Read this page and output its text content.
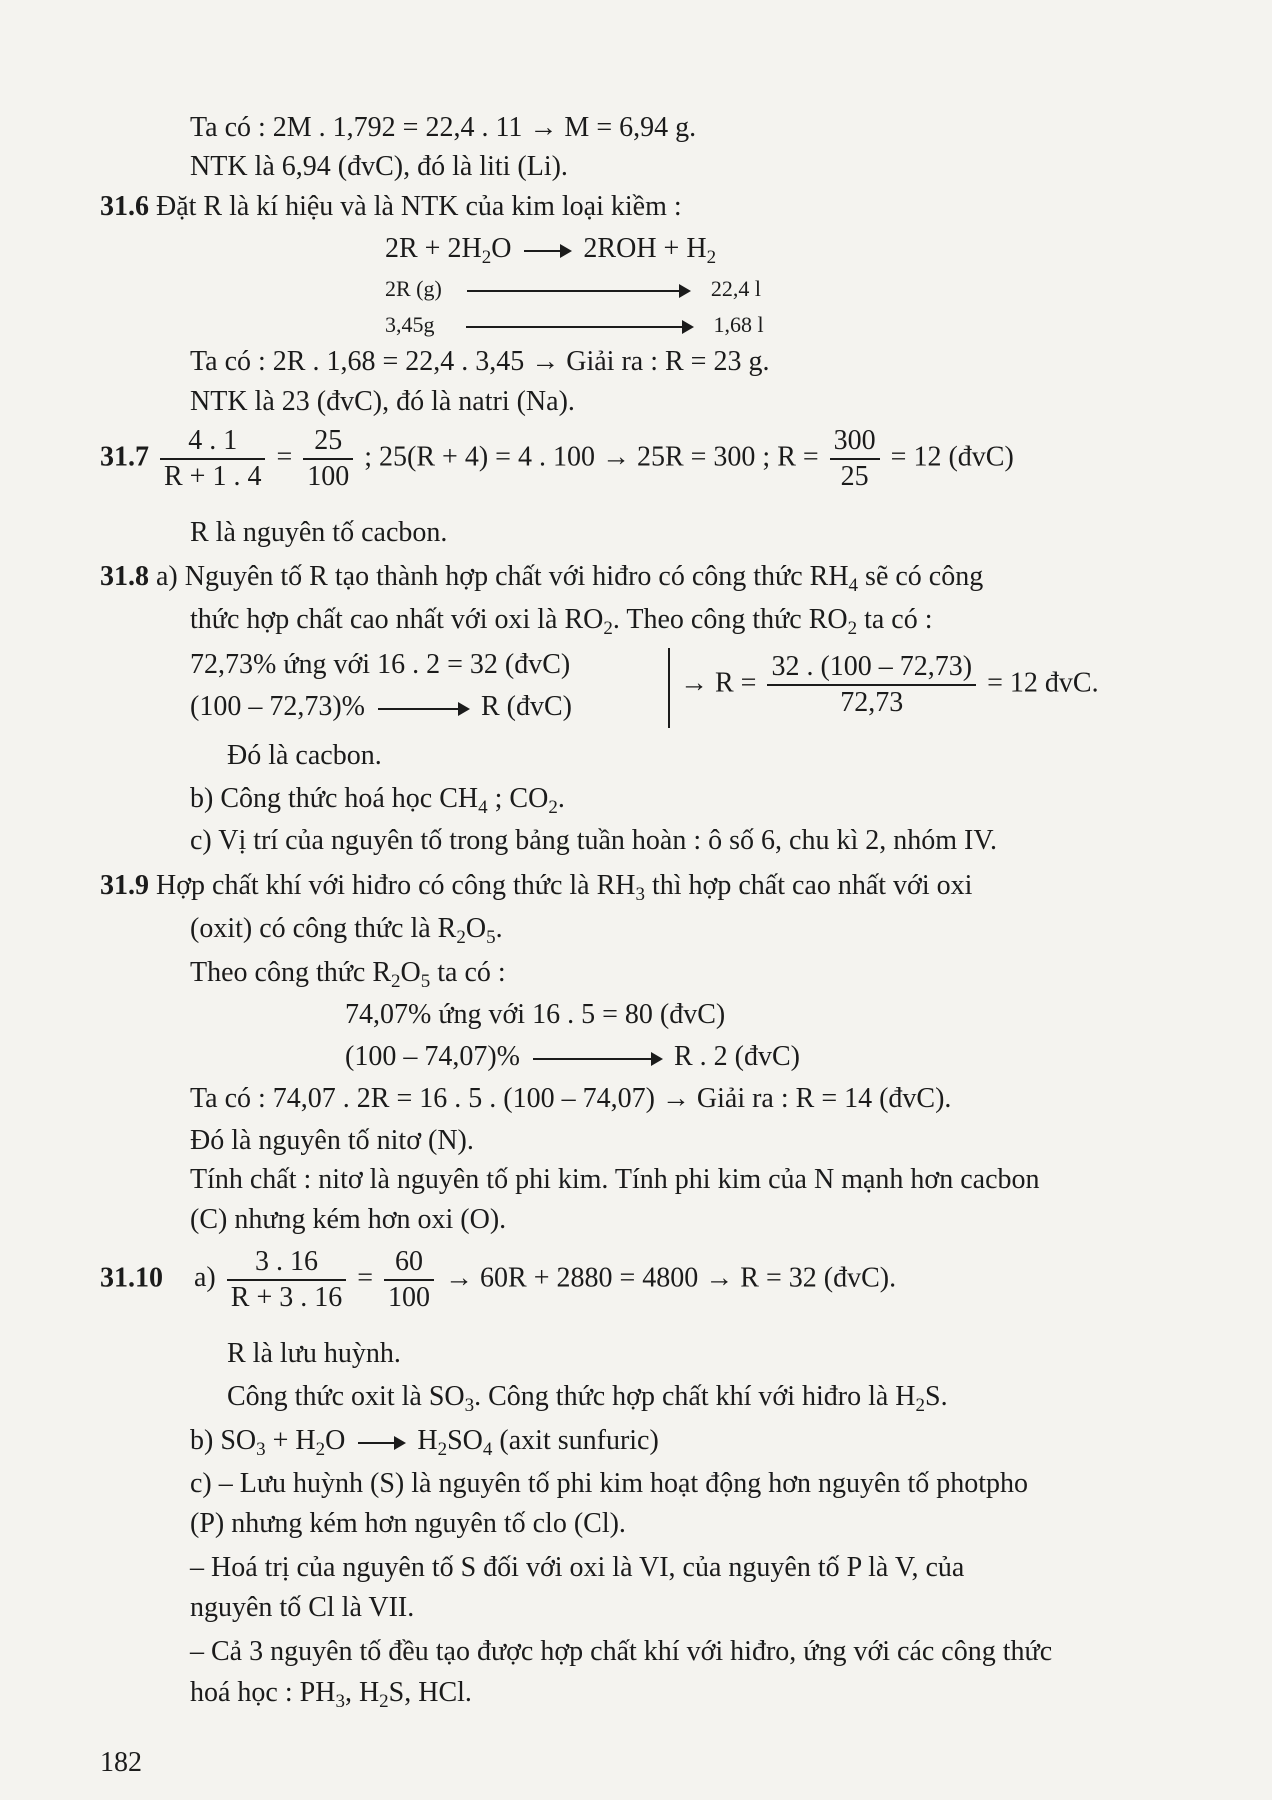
Ta có : 2M . 1,792 = 22,4 . 11 → M = 6,94 g.
NTK là 6,94 (đvC), đó là liti (Li).
31.6 Đặt R là kí hiệu và là NTK của kim loại kiềm :
$2R + 2H_2O \to 2ROH + H_2$
2R (g)	22,4 l
3,45g	1,68 l
Ta có : 2R . 1,68 = 22,4 . 3,45 → Giải ra : R = 23 g.
NTK là 23 (đvC), đó là natri (Na).
$31.7 \frac{4 . 1}{R + 1 . 4} = \frac{25}{100}$ ; 25(R + 4) = 4 . 100 → 25R = 300 ; $R = \frac{300}{25} = 12$ (đvC)
R là nguyên tố cacbon.
31.8 a) Nguyên tố R tạo thành hợp chất với hiđro có công thức $RH_4$ sẽ có công
thức hợp chất cao nhất với oxi là $RO_2$. Theo công thức $RO_2$ ta có :
72,73% ứng với 16 . 2 = 32 (đvC)
(100 – 72,73)%	R (đvC)
→ $R = \frac{32 . (100 - 72,73)}{72,73} = 12$ đvC.
Đó là cacbon.
b) Công thức hoá học $CH_4$ ; $CO_2$.
c) Vị trí của nguyên tố trong bảng tuần hoàn : ô số 6, chu kì 2, nhóm IV.
31.9 Hợp chất khí với hiđro có công thức là $RH_3$ thì hợp chất cao nhất với oxi
(oxit) có công thức là $R_2O_5$.
Theo công thức $R_2O_5$ ta có :
74,07% ứng với 16 . 5 = 80 (đvC)
(100 – 74,07)%	R . 2 (đvC)
Ta có : 74,07 . 2R = 16 . 5 . (100 – 74,07) → Giải ra : R = 14 (đvC).
Đó là nguyên tố nitơ (N).
Tính chất : nitơ là nguyên tố phi kim. Tính phi kim của N mạnh hơn cacbon
(C) nhưng kém hơn oxi (O).
31.10 $a) \frac{3 . 16}{R + 3 . 16} = \frac{60}{100} \to 60R + 2880 = 4800 \to R = 32$ (đvC).
R là lưu huỳnh.
Công thức oxit là $SO_3$. Công thức hợp chất khí với hiđro là $H_2S$.
b) $SO_3 + H_2O \to H_2SO_4$ (axit sunfuric)
c) – Lưu huỳnh (S) là nguyên tố phi kim hoạt động hơn nguyên tố photpho
(P) nhưng kém hơn nguyên tố clo (Cl).
– Hoá trị của nguyên tố S đối với oxi là VI, của nguyên tố P là V, của
nguyên tố Cl là VII.
– Cả 3 nguyên tố đều tạo được hợp chất khí với hiđro, ứng với các công thức
hoá học : $PH_3$, $H_2S$, HCl.
182
